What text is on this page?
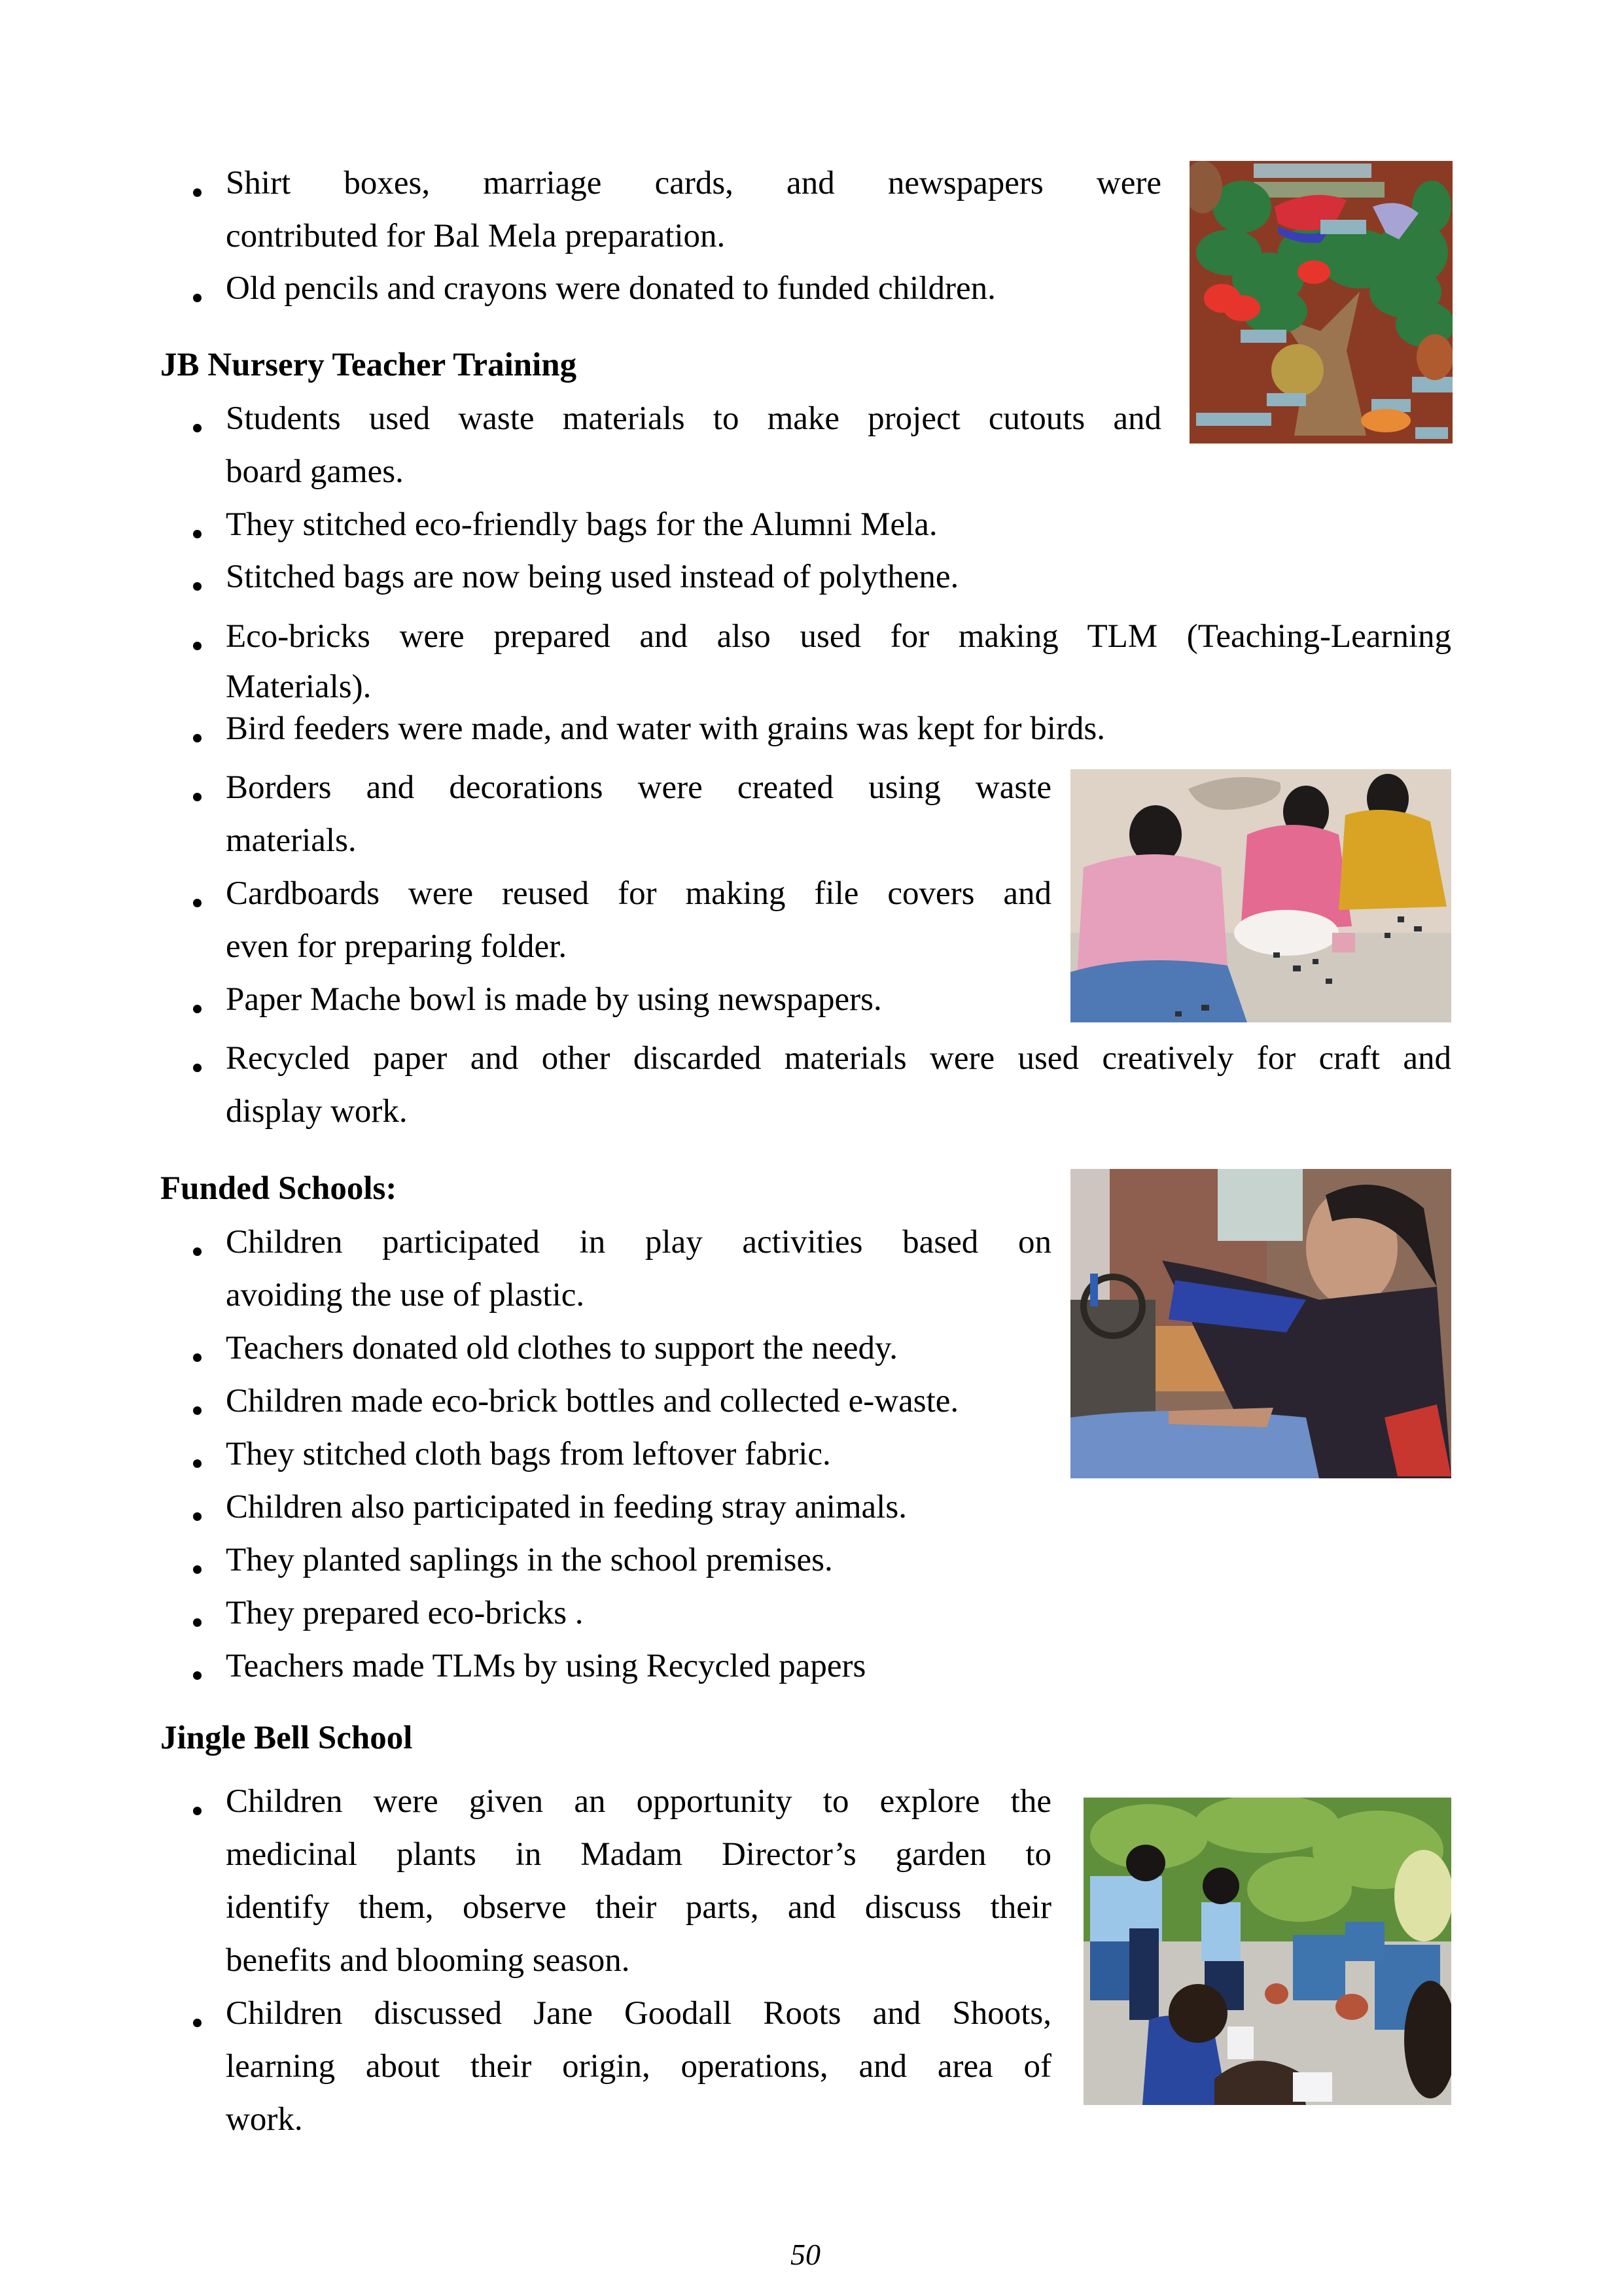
Shirt boxes, marriage cards, and newspapers were
contributed for Bal Mela preparation.
Old pencils and crayons were donated to funded children.
JB Nursery Teacher Training
Students used waste materials to make project cutouts and
board games.
They stitched eco-friendly bags for the Alumni Mela.
Stitched bags are now being used instead of polythene.
Eco-bricks were prepared and also used for making TLM (Teaching-Learning
Materials).
Bird feeders were made, and water with grains was kept for birds.
Borders and decorations were created using waste
materials.
Cardboards were reused for making file covers and
even for preparing folder.
Paper Mache bowl is made by using newspapers.
Recycled paper and other discarded materials were used creatively for craft and
display work.
Funded Schools:
Children participated in play activities based on
avoiding the use of plastic.
Teachers donated old clothes to support the needy.
Children made eco-brick bottles and collected e-waste.
They stitched cloth bags from leftover fabric.
Children also participated in feeding stray animals.
They planted saplings in the school premises.
They prepared eco-bricks .
Teachers made TLMs by using Recycled papers
Jingle Bell School
Children were given an opportunity to explore the
medicinal plants in Madam Director’s garden to
identify them, observe their parts, and discuss their
benefits and blooming season.
Children discussed Jane Goodall Roots and Shoots,
learning about their origin, operations, and area of
work.
50
